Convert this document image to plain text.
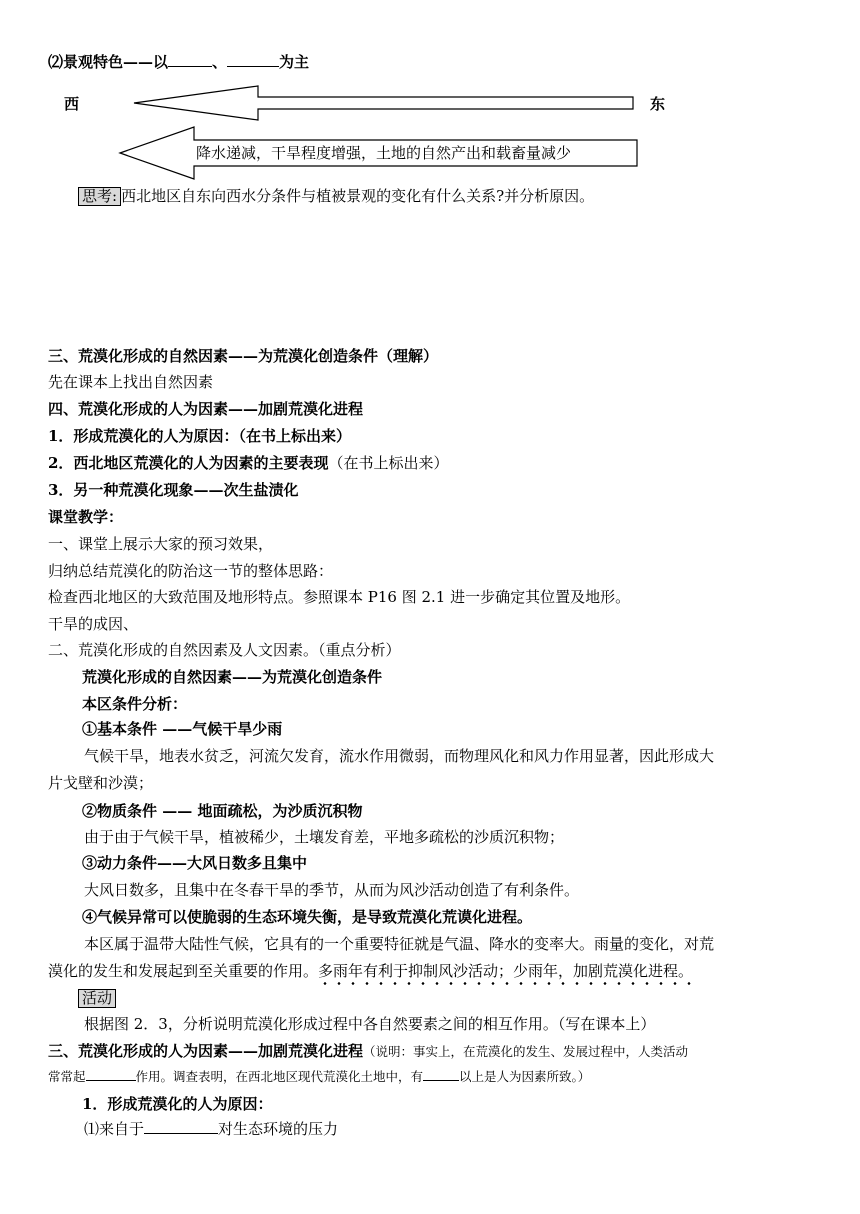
⑵景观特色——以	、	为主
西	东
降水递减，干旱程度增强，土地的自然产出和载畜量减少
思考: 西北地区自东向西水分条件与植被景观的变化有什么关系?并分析原因。
三、荒漠化形成的自然因素——为荒漠化创造条件（理解）
先在课本上找出自然因素
四、荒漠化形成的人为因素——加剧荒漠化进程
1．形成荒漠化的人为原因：（在书上标出来）
2．西北地区荒漠化的人为因素的主要表现（在书上标出来）
3．另一种荒漠化现象——次生盐渍化
课堂教学：
一、课堂上展示大家的预习效果，
归纳总结荒漠化的防治这一节的整体思路：
检查西北地区的大致范围及地形特点。参照课本 P16 图 2.1 进一步确定其位置及地形。
干旱的成因、
二、荒漠化形成的自然因素及人文因素。（重点分析）
荒漠化形成的自然因素——为荒漠化创造条件
本区条件分析：
①基本条件 ——气候干旱少雨
气候干旱，地表水贫乏，河流欠发育，流水作用微弱，而物理风化和风力作用显著，因此形成大
片戈壁和沙漠；
②物质条件 —— 地面疏松，为沙质沉积物
由于由于气候干旱，植被稀少，土壤发育差，平地多疏松的沙质沉积物；
③动力条件——大风日数多且集中
大风日数多，且集中在冬春干旱的季节，从而为风沙活动创造了有利条件。
④气候异常可以使脆弱的生态环境失衡，是导致荒漠化荒谟化进程。
本区属于温带大陆性气候，它具有的一个重要特征就是气温、降水的变率大。雨量的变化，对荒
漠化的发生和发展起到至关重要的作用。多雨年有利于抑制风沙活动；少雨年，加剧荒漠化进程。
活动
根据图 2．3，分析说明荒漠化形成过程中各自然要素之间的相互作用。（写在课本上）
三、荒漠化形成的人为因素——加剧荒漠化进程（说明：事实上，在荒漠化的发生、发展过程中，人类活动
常常起	作用。调查表明，在西北地区现代荒漠化土地中，有	以上是人为因素所致。）
1．形成荒漠化的人为原因：
⑴来自于	对生态环境的压力
